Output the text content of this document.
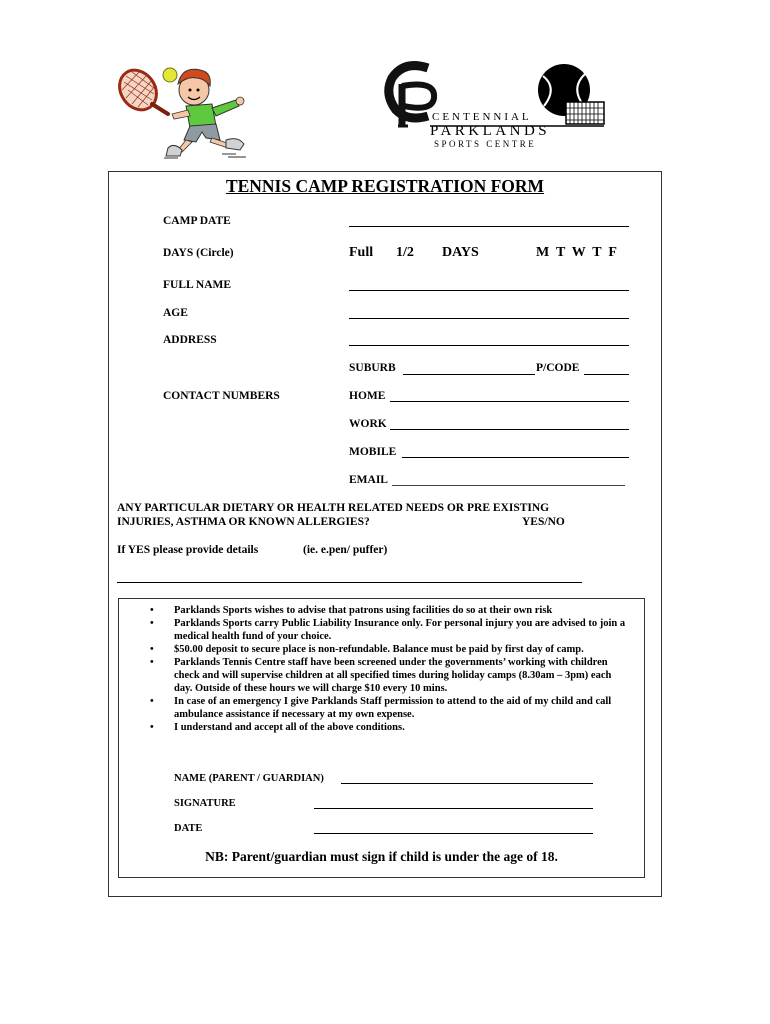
CENTENNIAL
PARKLANDS
SPORTS CENTRE
TENNIS CAMP REGISTRATION FORM
CAMP DATE
DAYS (Circle)	Full 1/2 DAYS	M  T  W  T  F
FULL NAME
AGE
ADDRESS
SUBURB	P/CODE
CONTACT NUMBERS	HOME
WORK
MOBILE
EMAIL
ANY PARTICULAR DIETARY OR HEALTH RELATED NEEDS OR PRE EXISTING
INJURIES, ASTHMA OR KNOWN ALLERGIES?	YES/NO
If YES please provide details	(ie. e.pen/ puffer)
•	Parklands Sports wishes to advise that patrons using facilities do so at their own risk
•	Parklands Sports carry Public Liability Insurance only. For personal injury you are advised to join a medical health fund of your choice.
•	$50.00 deposit to secure place is non-refundable. Balance must be paid by first day of camp.
•	Parklands Tennis Centre staff have been screened under the governments’ working with children check and will supervise children at all specified times during holiday camps (8.30am – 3pm) each day. Outside of these hours we will charge $10 every 10 mins.
•	In case of an emergency I give Parklands Staff permission to attend to the aid of my child and call ambulance assistance if necessary at my own expense.
•	I understand and accept all of the above conditions.
NAME (PARENT / GUARDIAN)
SIGNATURE
DATE
NB: Parent/guardian must sign if child is under the age of 18.
